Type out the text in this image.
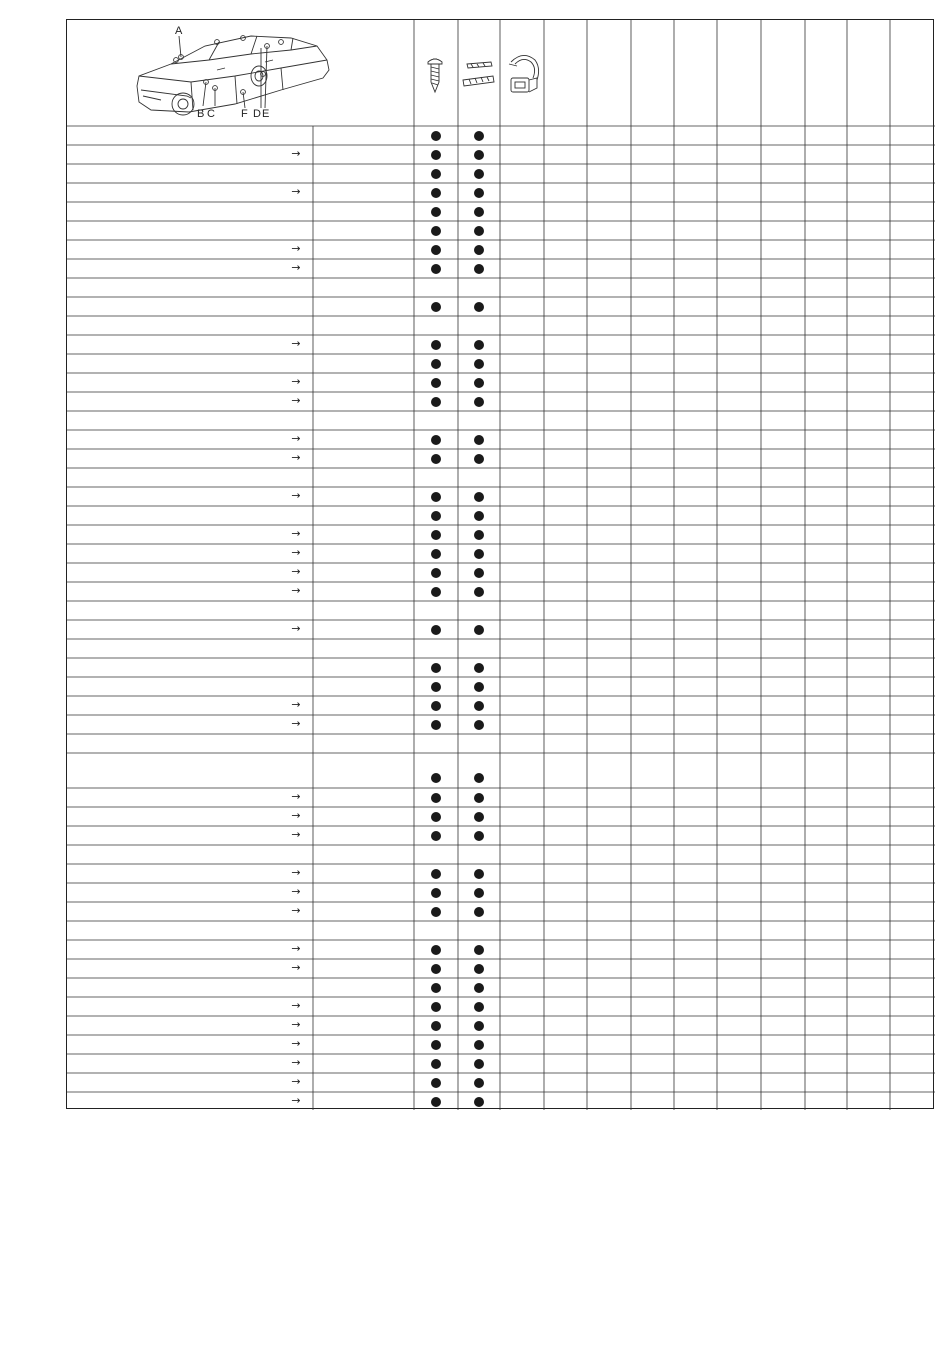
A
B C F D E
→
→
→
→
→
→
→
→
→
→
→
→
→
→
→
→
→
→
→
→
→
→
→
→
→
→
→
→
→
→
→
